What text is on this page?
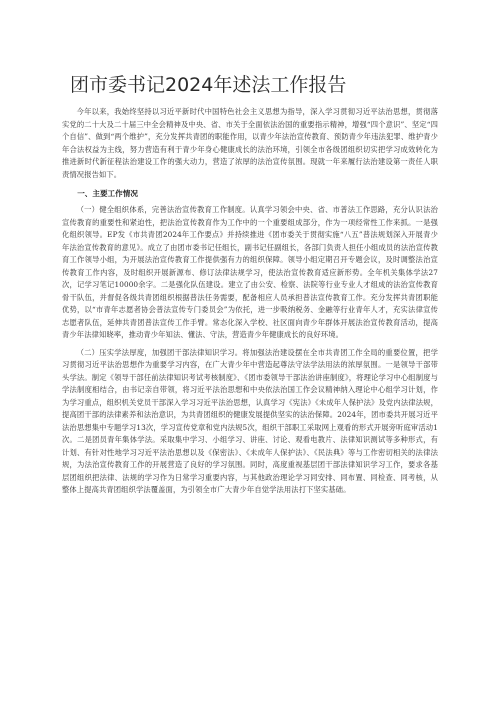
团市委书记2024年述法工作报告

今年以来，我始终坚持以习近平新时代中国特色社会主义思想为指导，深入学习贯彻习近平法治思想，贯彻落实党的二十大及二十届三中全会精神及中央、省、市关于全面依法治国的重要指示精神，增强“四个意识”、坚定“四个自信”、做到“两个维护”，充分发挥共青团的职能作用，以青少年法治宣传教育、预防青少年违法犯罪、维护青少年合法权益为主线，努力营造有利于青少年身心健康成长的法治环境，引领全市各级团组织切实把学习成效转化为推进新时代新征程法治建设工作的强大动力，营造了浓厚的法治宣传氛围。现就一年来履行法治建设第一责任人职责情况报告如下。

一、主要工作情况

（一）健全组织体系，完善法治宣传教育工作制度。认真学习领会中央、省、市普法工作思路，充分认识法治宣传教育的重要性和紧迫性，把法治宣传教育作为工作中的一个重要组成部分，作为一项经常性工作来抓。一是强化组织领导。EP发《市共青团2024年工作要点》并持续推进《团市委关于贯彻实施“八五”普法规划深入开展青少年法治宣传教育的意见》。成立了由团市委书记任组长，副书记任副组长，各部门负责人担任小组成员的法治宣传教育工作领导小组，为开展法治宣传教育工作提供强有力的组织保障。领导小组定期召开专题会议，及时调整法治宣传教育工作内容，及时组织开展新源布、修订法律法规学习，使法治宣传教育适应新形势。全年机关集体学法27次，记学习笔记10000余字。二是强化队伍建设。建立了由公安、检察、法院等行业专业人才组成的法治宣传教育骨干队伍，并督促各级共青团组织根据普法任务需要，配备相应人员承担普法宣传教育工作。充分发挥共青团职能优势，以“市青年志愿者协会普法宣传专门委员会”为依托，进一步吸纳税务、金融等行业青年人才，充实法律宣传志愿者队伍，延伸共青团普法宣传工作手臂。常态化深入学校、社区面向青少年群体开展法治宣传教育活动，提高青少年法律知晓率，推动青少年知法、懂法、守法，营造青少年健康成长的良好环境。

（二）压实学法厚度，加强团干部法律知识学习。将加强法治建设摆在全市共青团工作全局的重要位置，把学习贯彻习近平法治思想作为重要学习内容，在广大青少年中营造起尊法守法学法用法的浓厚氛围。一是领导干部带头学法。制定《领导干部任前法律知识考试考核制度》、《团市委领导干部法治讲座制度》，将理论学习中心组制度与学法制度相结合，由书记亲自带领，将习近平法治思想和中央依法治国工作会议精神纳入理论中心组学习计划，作为学习重点，组织机关党员干部深入学习习近平法治思想，认真学习《宪法》《未成年人保护法》及党内法律法规，提高团干部的法律素养和法治意识，为共青团组织的健康发展提供坚实的法治保障。2024年，团市委共开展习近平法治思想集中专题学习13次，学习宣传党章和党内法规5次，组织干部职工采取网上观看的形式开展旁听庭审活动1次。二是团员青年集体学法。采取集中学习、小组学习、讲座、讨论、观看电教片、法律知识测试等多种形式，有计划、有针对性地学习习近平法治思想以及《保密法》、《未成年人保护法》、《民法典》等与工作密切相关的法律法规，为法治宣传教育工作的开展营造了良好的学习氛围。同时，高度重视基层团干部法律知识学习工作，要求各基层团组织把法律、法规的学习作为日常学习重要内容，与其他政治理论学习同安排、同布置、同检查、同考核，从整体上提高共青团组织学法覆盖面，为引领全市广大青少年自觉学法用法打下坚实基础。
